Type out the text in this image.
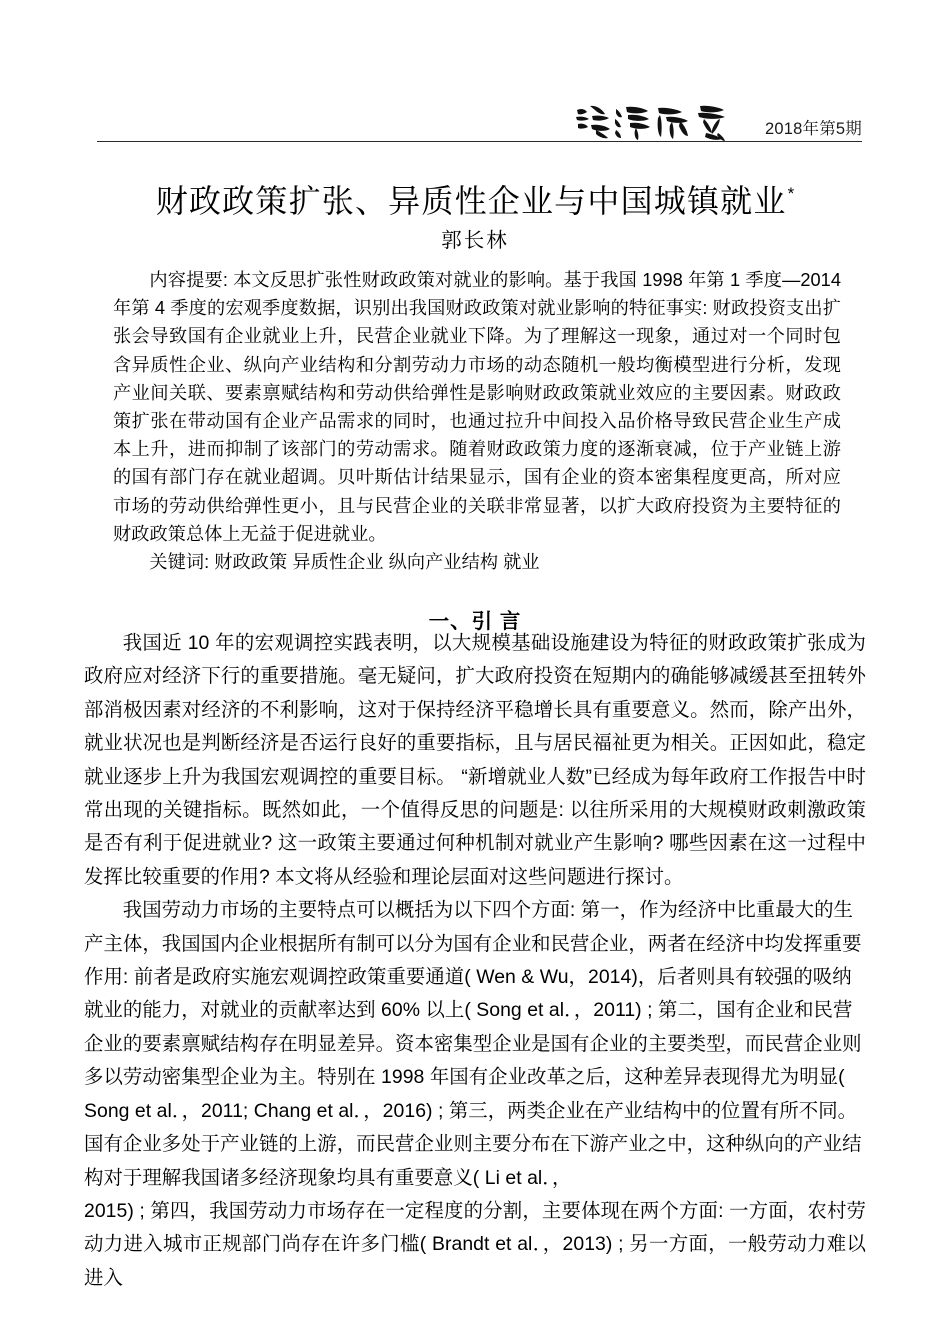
2018年第5期
财政政策扩张、异质性企业与中国城镇就业*
郭长林

内容提要: 本文反思扩张性财政政策对就业的影响。基于我国 1998 年第 1 季度—2014 年第 4 季度的宏观季度数据，识别出我国财政政策对就业影响的特征事实: 财政投资支出扩张会导致国有企业就业上升，民营企业就业下降。为了理解这一现象，通过对一个同时包含异质性企业、纵向产业结构和分割劳动力市场的动态随机一般均衡模型进行分析，发现产业间关联、要素禀赋结构和劳动供给弹性是影响财政政策就业效应的主要因素。财政政策扩张在带动国有企业产品需求的同时，也通过拉升中间投入品价格导致民营企业生产成本上升，进而抑制了该部门的劳动需求。随着财政政策力度的逐渐衰减，位于产业链上游的国有部门存在就业超调。贝叶斯估计结果显示，国有企业的资本密集程度更高，所对应市场的劳动供给弹性更小，且与民营企业的关联非常显著，以扩大政府投资为主要特征的财政政策总体上无益于促进就业。

关键词: 财政政策 异质性企业 纵向产业结构 就业

一、引 言

我国近 10 年的宏观调控实践表明，以大规模基础设施建设为特征的财政政策扩张成为政府应对经济下行的重要措施。毫无疑问，扩大政府投资在短期内的确能够减缓甚至扭转外部消极因素对经济的不利影响，这对于保持经济平稳增长具有重要意义。然而，除产出外，就业状况也是判断经济是否运行良好的重要指标，且与居民福祉更为相关。正因如此，稳定就业逐步上升为我国宏观调控的重要目标。 “新增就业人数”已经成为每年政府工作报告中时常出现的关键指标。既然如此，一个值得反思的问题是: 以往所采用的大规模财政刺激政策是否有利于促进就业? 这一政策主要通过何种机制对就业产生影响? 哪些因素在这一过程中发挥比较重要的作用? 本文将从经验和理论层面对这些问题进行探讨。

我国劳动力市场的主要特点可以概括为以下四个方面: 第一，作为经济中比重最大的生产主体，我国国内企业根据所有制可以分为国有企业和民营企业，两者在经济中均发挥重要作用: 前者是政府实施宏观调控政策重要通道( Wen & Wu，2014)，后者则具有较强的吸纳就业的能力，对就业的贡献率达到 60% 以上( Song et al．，2011) ; 第二，国有企业和民营企业的要素禀赋结构存在明显差异。资本密集型企业是国有企业的主要类型，而民营企业则多以劳动密集型企业为主。特别在 1998 年国有企业改革之后，这种差异表现得尤为明显( Song et al．，2011; Chang et al．，2016) ; 第三，两类企业在产业结构中的位置有所不同。国有企业多处于产业链的上游，而民营企业则主要分布在下游产业之中，这种纵向的产业结构对于理解我国诸多经济现象均具有重要意义( Li et al．，

2015) ; 第四，我国劳动力市场存在一定程度的分割，主要体现在两个方面: 一方面，农村劳动力进入城市正规部门尚存在许多门槛( Brandt et al．，2013) ; 另一方面，一般劳动力难以进入
